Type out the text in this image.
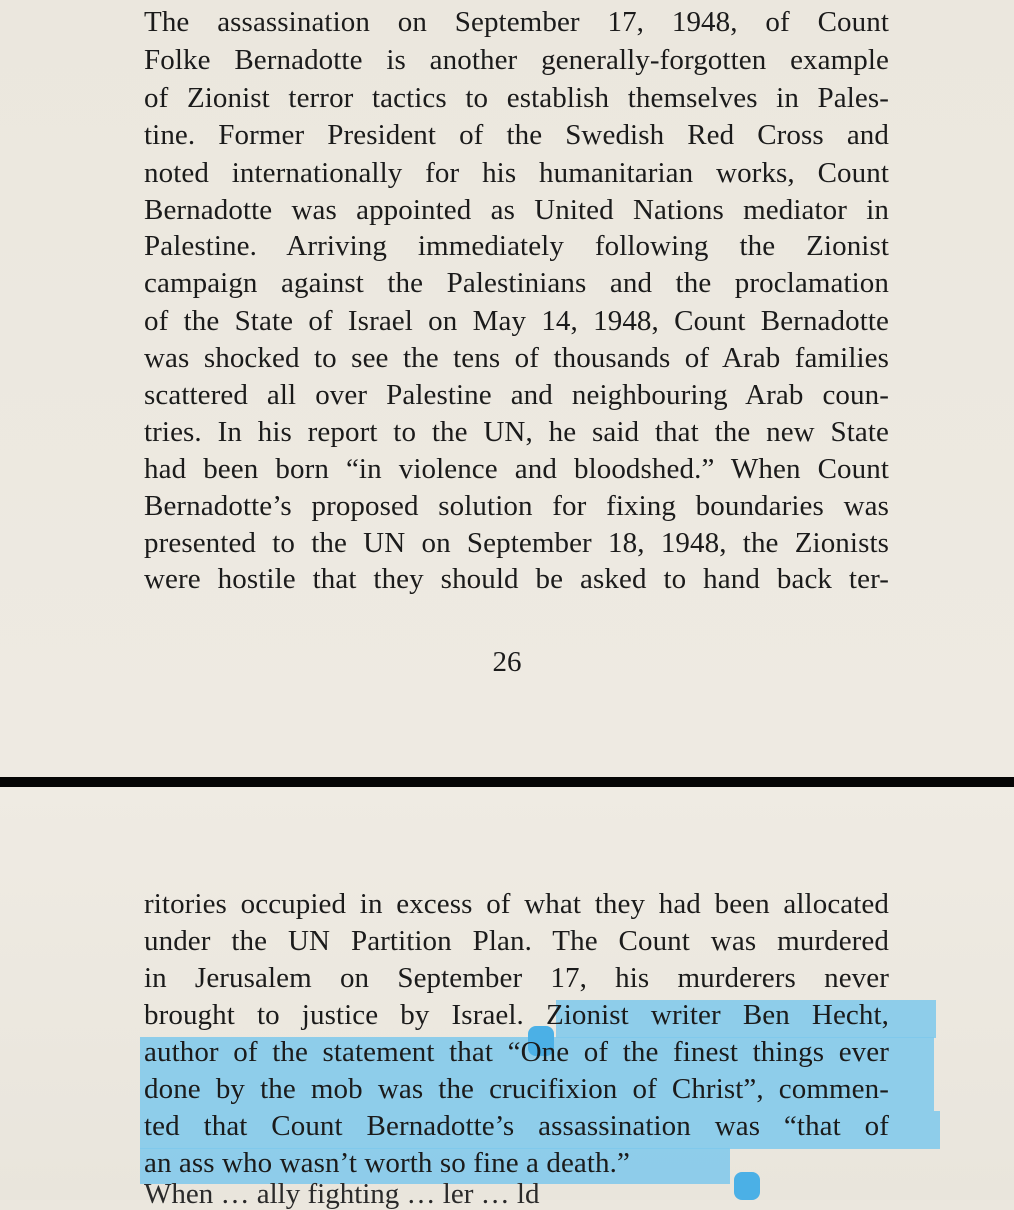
The assassination on September 17, 1948, of Count
Folke Bernadotte is another generally-forgotten example
of Zionist terror tactics to establish themselves in Pales-
tine. Former President of the Swedish Red Cross and
noted internationally for his humanitarian works, Count
Bernadotte was appointed as United Nations mediator in
Palestine. Arriving immediately following the Zionist
campaign against the Palestinians and the proclamation
of the State of Israel on May 14, 1948, Count Bernadotte
was shocked to see the tens of thousands of Arab families
scattered all over Palestine and neighbouring Arab coun-
tries. In his report to the UN, he said that the new State
had been born “in violence and bloodshed.” When Count
Bernadotte’s proposed solution for fixing boundaries was
presented to the UN on September 18, 1948, the Zionists
were hostile that they should be asked to hand back ter-
26
ritories occupied in excess of what they had been allocated
under the UN Partition Plan. The Count was murdered
in Jerusalem on September 17, his murderers never
brought to justice by Israel. Zionist writer Ben Hecht,
author of the statement that “One of the finest things ever
done by the mob was the crucifixion of Christ”, commen-
ted that Count Bernadotte’s assassination was “that of
an ass who wasn’t worth so fine a death.”
When … ally fighting … ler … ld
